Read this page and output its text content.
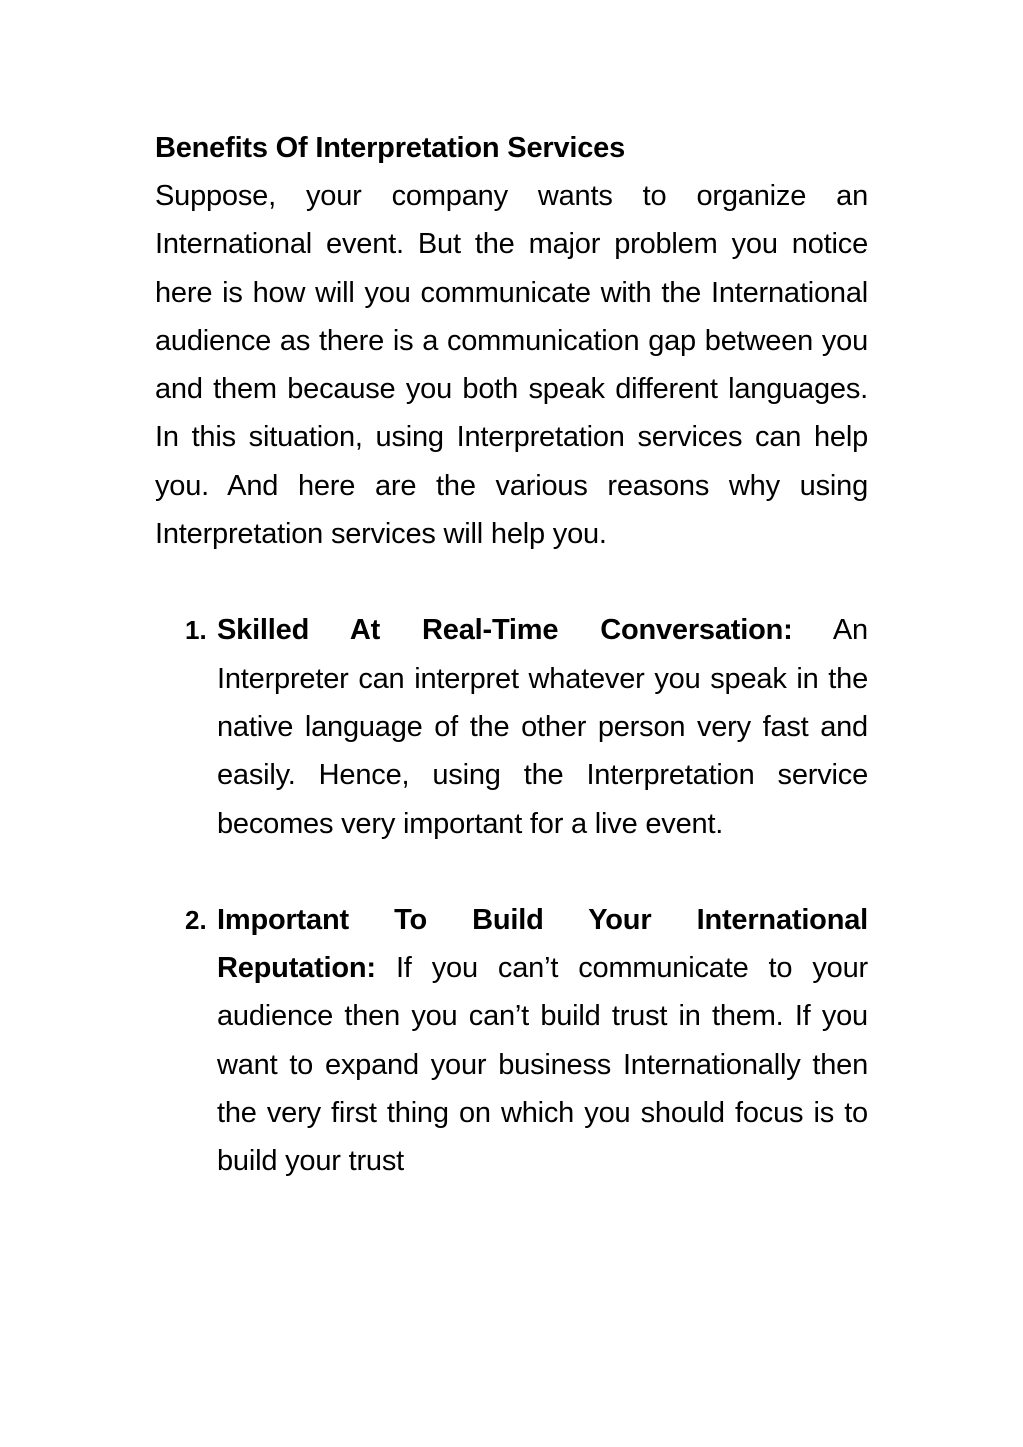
Benefits Of Interpretation Services

Suppose, your company wants to organize an International event. But the major problem you notice here is how will you communicate with the International audience as there is a communication gap between you and them because you both speak different languages. In this situation, using Interpretation services can help you. And here are the various reasons why using Interpretation services will help you.

1. Skilled At Real-Time Conversation: An Interpreter can interpret whatever you speak in the native language of the other person very fast and easily. Hence, using the Interpretation service becomes very important for a live event.

2. Important To Build Your International Reputation: If you can’t communicate to your audience then you can’t build trust in them. If you want to expand your business Internationally then the very first thing on which you should focus is to build your trust
